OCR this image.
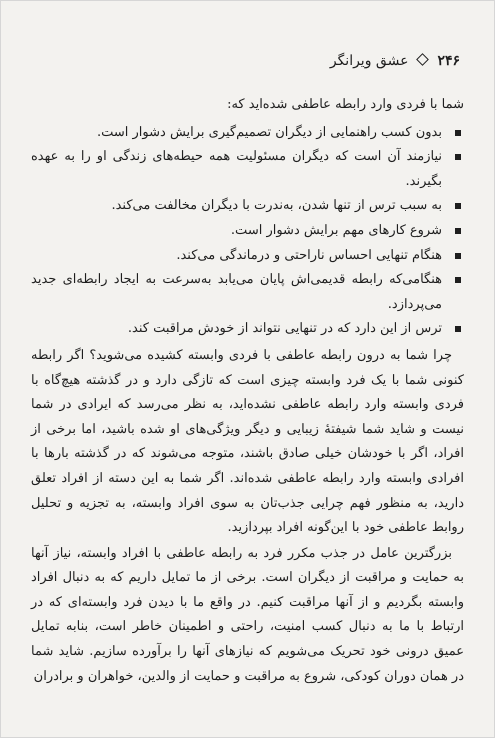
۲۴۶عشق ویرانگر

شما با فردی وارد رابطه عاطفی شده‌اید که:

بدون کسب راهنمایی از دیگران تصمیم‌گیری برایش دشوار است.
نیازمند آن است که دیگران مسئولیت همه حیطه‌های زندگی او را به عهده بگیرند.
به سبب ترس از تنها شدن، به‌ندرت با دیگران مخالفت می‌کند.
شروع کارهای مهم برایش دشوار است.
هنگام تنهایی احساس ناراحتی و درماندگی می‌کند.
هنگامی‌که رابطه قدیمی‌اش پایان می‌یابد به‌سرعت به ایجاد رابطه‌ای جدید می‌پردازد.
ترس از این دارد که در تنهایی نتواند از خودش مراقبت کند.

چرا شما به درون رابطه عاطفی با فردی وابسته کشیده می‌شوید؟ اگر رابطه کنونی شما با یک فرد وابسته چیزی است که تازگی دارد و در گذشته هیچ‌گاه با فردی وابسته وارد رابطه عاطفی نشده‌اید، به نظر می‌رسد که ایرادی در شما نیست و شاید شما شیفتهٔ زیبایی و دیگر ویژگی‌های او شده باشید، اما برخی از افراد، اگر با خودشان خیلی صادق باشند، متوجه می‌شوند که در گذشته بارها با افرادی وابسته وارد رابطه عاطفی شده‌اند. اگر شما به این دسته از افراد تعلق دارید، به منظور فهم چرایی جذب‌تان به سوی افراد وابسته، به تجزیه و تحلیل روابط عاطفی خود با این‌گونه افراد بپردازید.

بزرگترین عامل در جذب مکرر فرد به رابطه عاطفی با افراد وابسته، نیاز آنها به حمایت و مراقبت از دیگران است. برخی از ما تمایل داریم که به دنبال افراد وابسته بگردیم و از آنها مراقبت کنیم. در واقع ما با دیدن فرد وابسته‌ای که در ارتباط با ما به دنبال کسب امنیت، راحتی و اطمینان خاطر است، بنابه تمایل عمیق درونی خود تحریک می‌شویم که نیازهای آنها را برآورده سازیم. شاید شما در همان دوران کودکی، شروع به مراقبت و حمایت از والدین، خواهران و برادران
